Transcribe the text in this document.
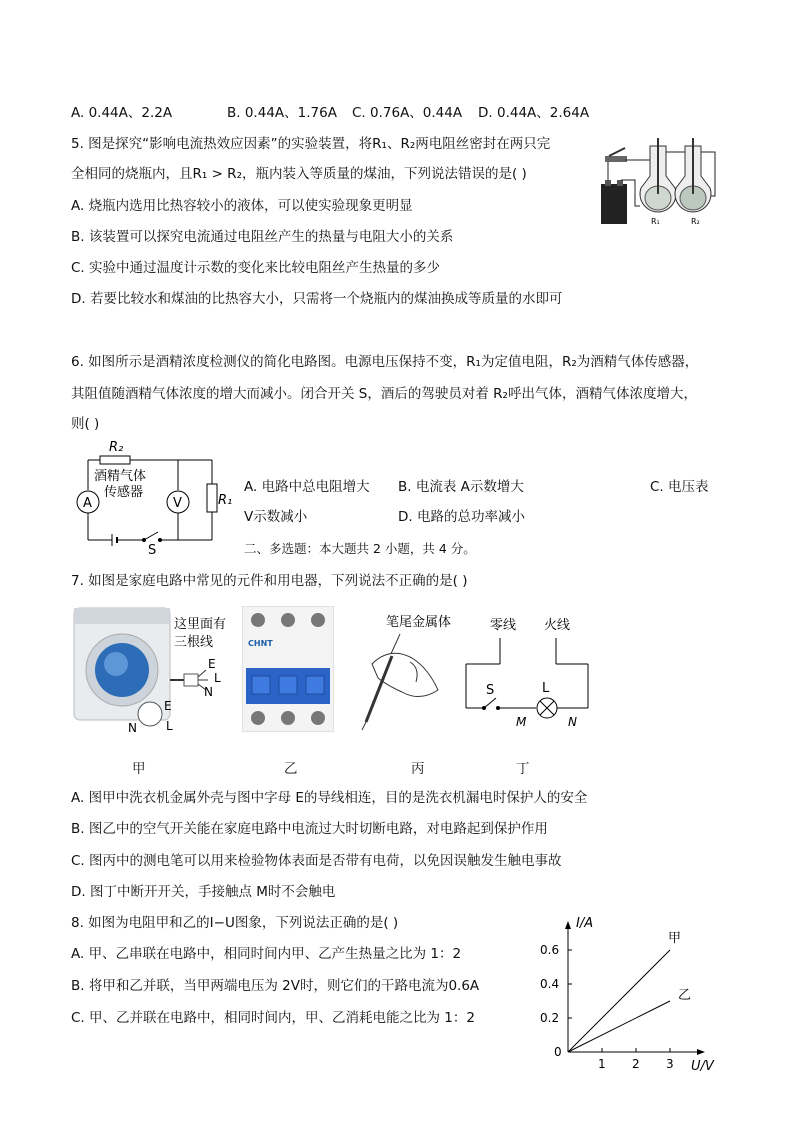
A. 0.44A、2.2A	B. 0.44A、1.76A C. 0.76A、0.44A D. 0.44A、2.64A
5. 图是探究“影响电流热效应因素”的实验装置，将R₁、R₂两电阻丝密封在两只完
全相同的烧瓶内，且R₁ > R₂，瓶内装入等质量的煤油，下列说法错误的是( )
A. 烧瓶内选用比热容较小的液体，可以使实验现象更明显
B. 该装置可以探究电流通过电阻丝产生的热量与电阻大小的关系
C. 实验中通过温度计示数的变化来比较电阻丝产生热量的多少
D. 若要比较水和煤油的比热容大小，只需将一个烧瓶内的煤油换成等质量的水即可
R₁	R₂
6. 如图所示是酒精浓度检测仪的简化电路图。电源电压保持不变，R₁为定值电阻，R₂为酒精气体传感器，
其阻值随酒精气体浓度的增大而减小。闭合开关 S，酒后的驾驶员对着 R₂呼出气体，酒精气体浓度增大，
则( )
A	V
R₂
酒精气体
传感器
R₁
S
A. 电路中总电阻增大 B. 电流表 A示数增大	C. 电压表
V示数减小	D. 电路的总功率减小
二、多选题：本大题共 2 小题，共 4 分。
7. 如图是家庭电路中常见的元件和用电器，下列说法不正确的是( )
这里面有
三根线
E
L
N
E
N L
CHNT
笔尾金属体	零线 火线
S	L
M	N
甲	乙	丙	丁
A. 图甲中洗衣机金属外壳与图中字母 E的导线相连，目的是洗衣机漏电时保护人的安全
B. 图乙中的空气开关能在家庭电路中电流过大时切断电路，对电路起到保护作用
C. 图丙中的测电笔可以用来检验物体表面是否带有电荷，以免因误触发生触电事故
D. 图丁中断开开关，手接触点 M时不会触电
8. 如图为电阻甲和乙的I−U图象，下列说法正确的是( )
A. 甲、乙串联在电路中，相同时间内甲、乙产生热量之比为 1：2
B. 将甲和乙并联，当甲两端电压为 2V时，则它们的干路电流为0.6A
C. 甲、乙并联在电路中，相同时间内，甲、乙消耗电能之比为 1：2
1 2 3
0.2
0.4
0.6
甲
乙
I/A
U/V
0
